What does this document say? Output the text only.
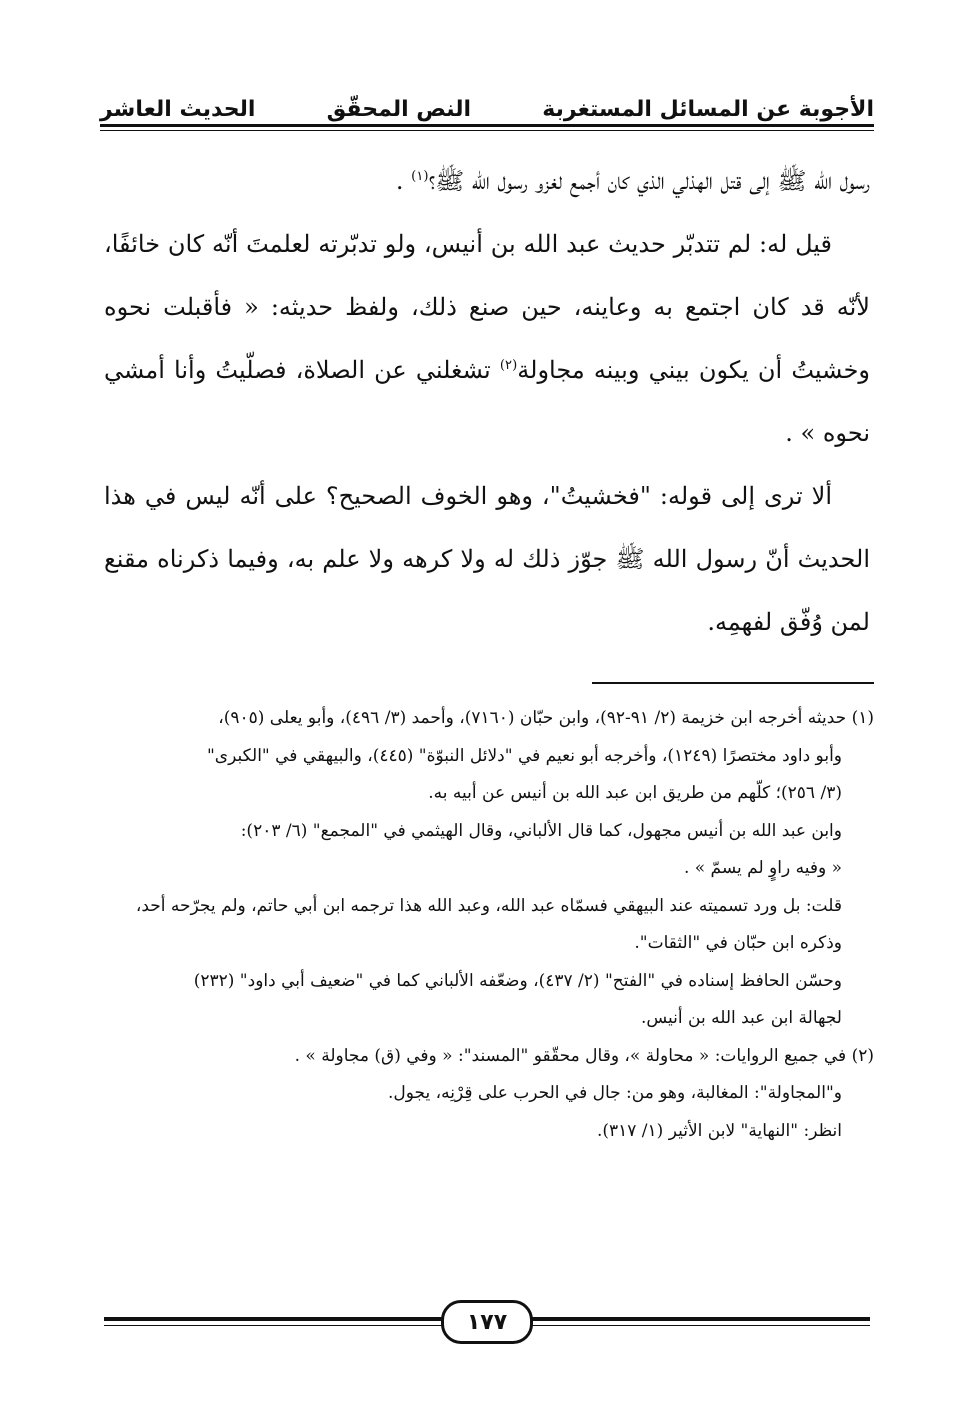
الأجوبة عن المسائل المستغربة
النص المحقّق
الحديث العاشر

رسول الله ﷺ إلى قتل الهذلي الذي كان أجمع لغزو رسول الله ﷺ؟$^{(١)}$ .

قيل له: لم تتدبّر حديث عبد الله بن أنيس، ولو تدبّرته لعلمتَ أنّه كان خائفًا، لأنّه قد كان اجتمع به وعاينه، حين صنع ذلك، ولفظ حديثه: « فأقبلت نحوه وخشيتُ أن يكون بيني وبينه مجاولة$^{(٢)}$ تشغلني عن الصلاة، فصلّيتُ وأنا أمشي نحوه » .

ألا ترى إلى قوله: "فخشيتُ"، وهو الخوف الصحيح؟ على أنّه ليس في هذا الحديث أنّ رسول الله ﷺ جوّز ذلك له ولا كرهه ولا علم به، وفيما ذكرناه مقنع لمن وُفّق لفهمِه.

(١) حديثه أخرجه ابن خزيمة (٢/ ٩١-٩٢)، وابن حبّان (٧١٦٠)، وأحمد (٣/ ٤٩٦)، وأبو يعلى (٩٠٥)،

وأبو داود مختصرًا (١٢٤٩)، وأخرجه أبو نعيم في "دلائل النبوّة" (٤٤٥)، والبيهقي في "الكبرى"

(٣/ ٢٥٦)؛ كلّهم من طريق ابن عبد الله بن أنيس عن أبيه به.

وابن عبد الله بن أنيس مجهول، كما قال الألباني، وقال الهيثمي في "المجمع" (٦/ ٢٠٣):

« وفيه راوٍ لم يسمّ » .

قلت: بل ورد تسميته عند البيهقي فسمّاه عبد الله، وعبد الله هذا ترجمه ابن أبي حاتم، ولم يجرّحه أحد،

وذكره ابن حبّان في "الثقات".

وحسّن الحافظ إسناده في "الفتح" (٢/ ٤٣٧)، وضعّفه الألباني كما في "ضعيف أبي داود" (٢٣٢)

لجهالة ابن عبد الله بن أنيس.

(٢) في جميع الروايات: « محاولة »، وقال محقّقو "المسند": « وفي (ق) مجاولة » .

و"المجاولة": المغالبة، وهو من: جال في الحرب على قِرْنِه، يجول.

انظر: "النهاية" لابن الأثير (١/ ٣١٧).

١٧٧
